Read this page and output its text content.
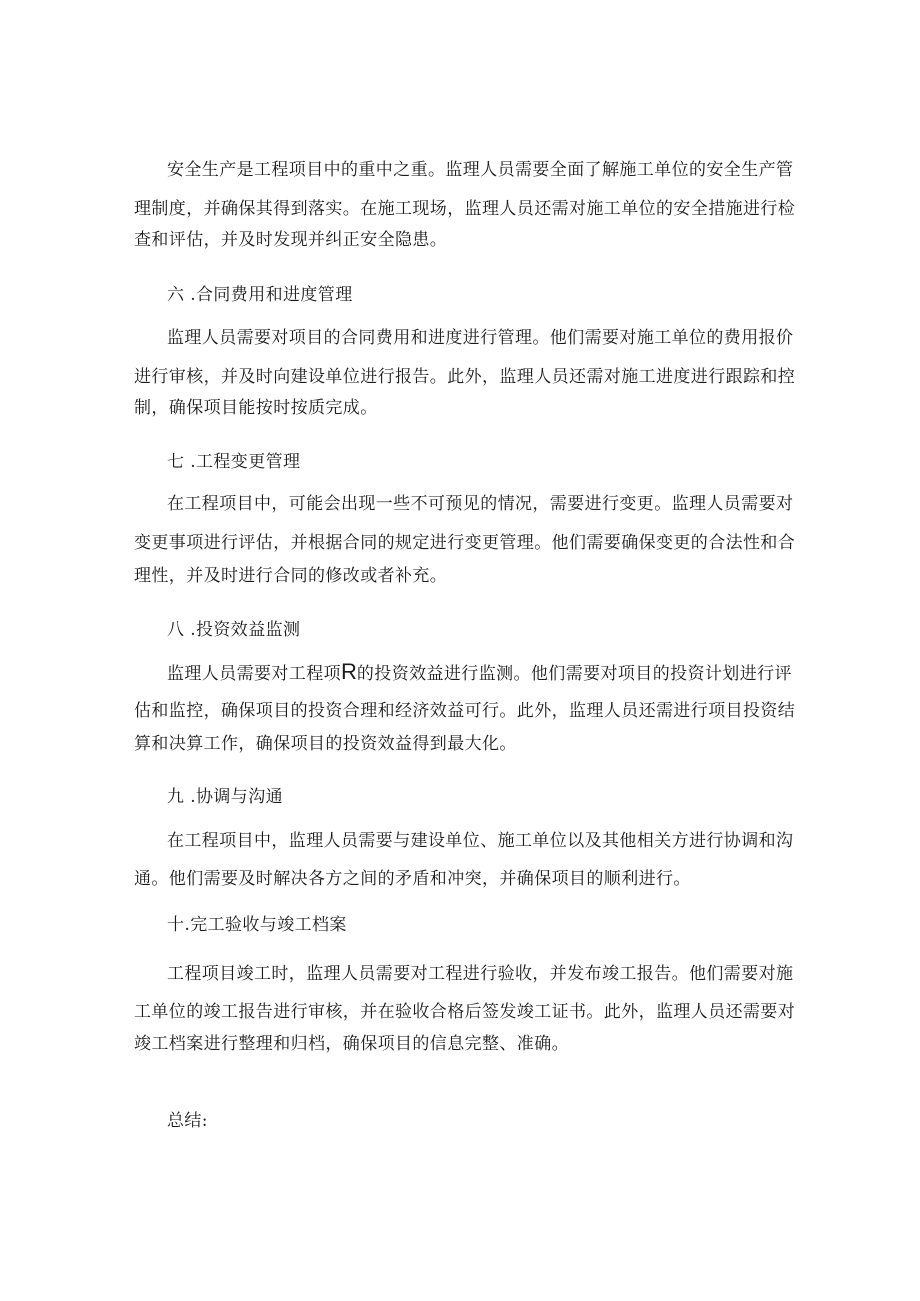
安全生产是工程项目中的重中之重。监理人员需要全面了解施工单位的安全生产管
理制度，并确保其得到落实。在施工现场，监理人员还需对施工单位的安全措施进行检
查和评估，并及时发现并纠正安全隐患。
六 .合同费用和进度管理
监理人员需要对项目的合同费用和进度进行管理。他们需要对施工单位的费用报价
进行审核，并及时向建设单位进行报告。此外，监理人员还需对施工进度进行跟踪和控
制，确保项目能按时按质完成。
七 .工程变更管理
在工程项目中，可能会出现一些不可预见的情况，需要进行变更。监理人员需要对
变更事项进行评估，并根据合同的规定进行变更管理。他们需要确保变更的合法性和合
理性，并及时进行合同的修改或者补充。
八 .投资效益监测
监理人员需要对工程项R的投资效益进行监测。他们需要对项目的投资计划进行评
估和监控，确保项目的投资合理和经济效益可行。此外，监理人员还需进行项目投资结
算和决算工作，确保项目的投资效益得到最大化。
九 .协调与沟通
在工程项目中，监理人员需要与建设单位、施工单位以及其他相关方进行协调和沟
通。他们需要及时解决各方之间的矛盾和冲突，并确保项目的顺利进行。
十.完工验收与竣工档案
工程项目竣工时，监理人员需要对工程进行验收，并发布竣工报告。他们需要对施
工单位的竣工报告进行审核，并在验收合格后签发竣工证书。此外，监理人员还需要对
竣工档案进行整理和归档，确保项目的信息完整、准确。
总结:
